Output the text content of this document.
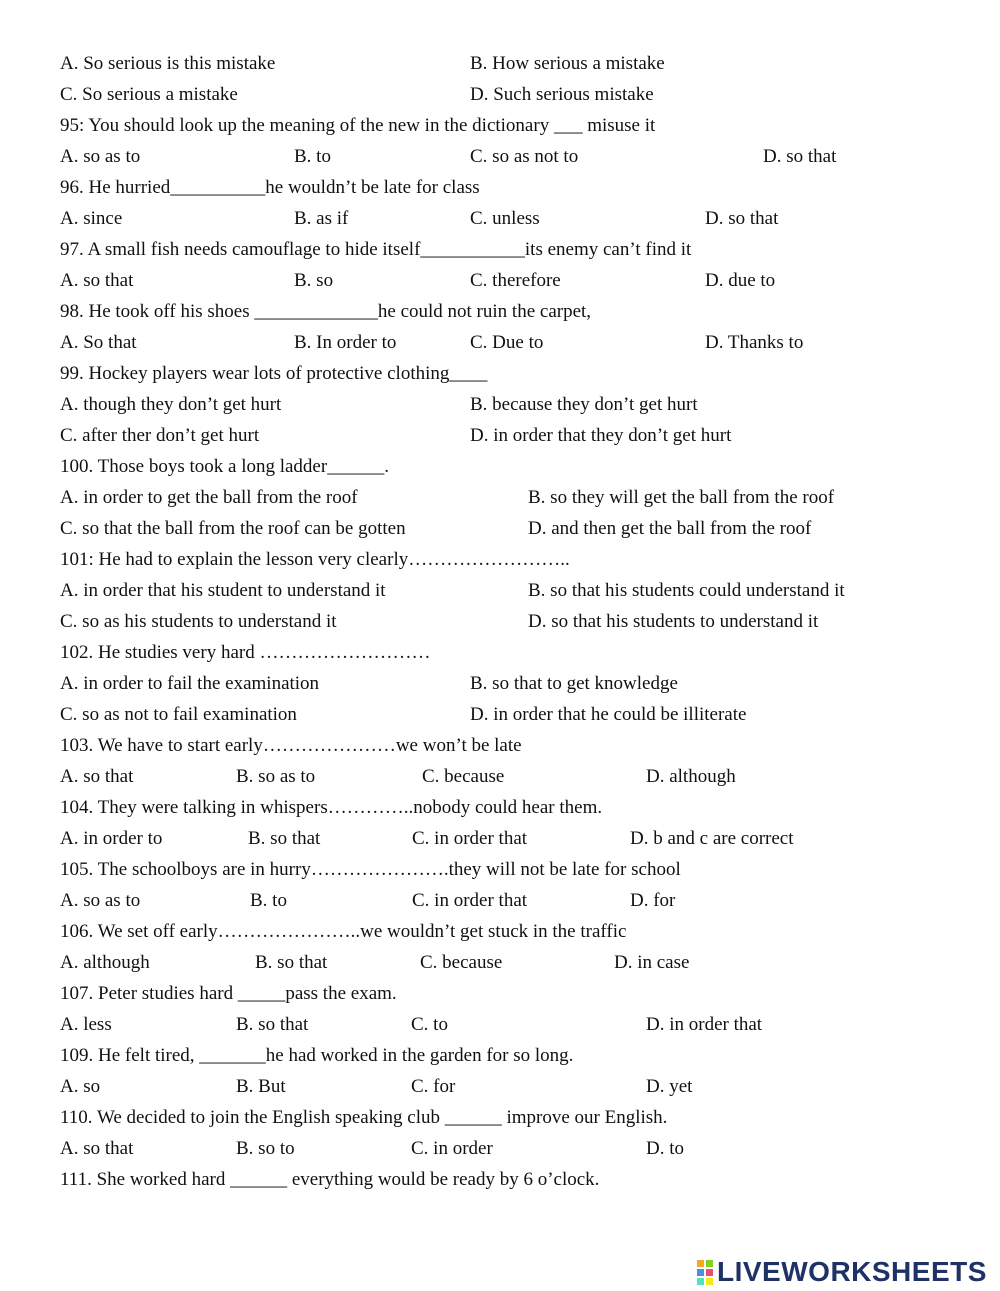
A. So serious is this mistake	B. How serious a mistake
C. So serious a mistake	D. Such serious mistake
95: You should look up the meaning of the new in the dictionary ___ misuse it
A. so as to	B. to	C. so as not to	D. so that
96. He hurried__________he wouldn’t be late for class
A. since	B. as if	C. unless	D. so that
97. A small fish needs camouflage to hide itself___________its enemy can’t find it
A. so that	B. so	C. therefore	D. due to
98. He took off his shoes _____________he could not ruin the carpet,
A. So that	B. In order to	C. Due to	D. Thanks to
99. Hockey players wear lots of protective clothing____
A. though they don’t get hurt	B. because they don’t get hurt
C. after ther don’t get hurt	D. in order that they don’t get hurt
100. Those boys took a long ladder______.
A. in order to get the ball from the roof	B. so they will get the ball from the roof
C. so that the ball from the roof can be gotten	D. and then get the ball from the roof
101: He had to explain the lesson very clearly……………………..
A. in order that his student to understand it	B. so that his students could understand it
C. so as his students to understand it	D. so that his students to understand it
102. He studies very hard ………………………
A. in order to fail the examination	B. so that to get knowledge
C. so as not to fail examination	D. in order that he could be illiterate
103. We have to start early…………………we won’t be late
A. so that	B. so as to	C. because	D. although
104. They were talking in whispers…………..nobody could hear them.
A. in order to	B. so that	C. in order that	D. b and c are correct
105. The schoolboys are in hurry………………….they will not be late for school
A. so as to	B. to	C. in order that	D. for
106. We set off early…………………..we wouldn’t get stuck in the traffic
A. although	B. so that	C. because	D. in case
107. Peter studies hard _____pass the exam.
A. less	B. so that	C. to	D. in order that
109. He felt tired, _______he had worked in the garden for so long.
A. so	B. But	C. for	D. yet
110. We decided to join the English speaking club ______ improve our English.
A. so that	B. so to	C. in order	D. to
111. She worked hard ______ everything would be ready by 6 o’clock.
LIVEWORKSHEETS
